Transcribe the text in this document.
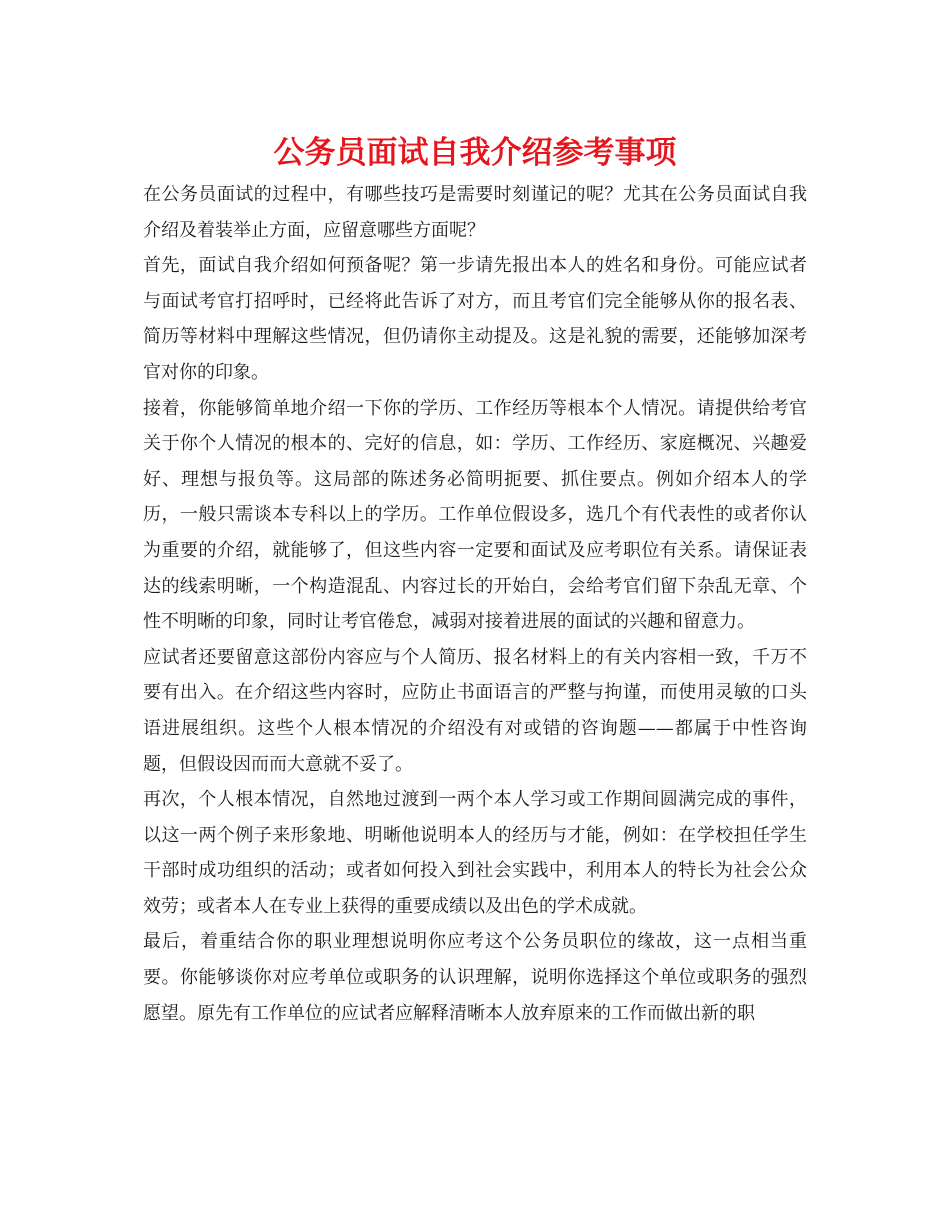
公务员面试自我介绍参考事项

在公务员面试的过程中，有哪些技巧是需要时刻谨记的呢？尤其在公务员面试自我介绍及着装举止方面，应留意哪些方面呢？

首先，面试自我介绍如何预备呢？第一步请先报出本人的姓名和身份。可能应试者与面试考官打招呼时，已经将此告诉了对方，而且考官们完全能够从你的报名表、简历等材料中理解这些情况，但仍请你主动提及。这是礼貌的需要，还能够加深考官对你的印象。

接着，你能够简单地介绍一下你的学历、工作经历等根本个人情况。请提供给考官关于你个人情况的根本的、完好的信息，如：学历、工作经历、家庭概况、兴趣爱好、理想与报负等。这局部的陈述务必简明扼要、抓住要点。例如介绍本人的学历，一般只需谈本专科以上的学历。工作单位假设多，选几个有代表性的或者你认为重要的介绍，就能够了，但这些内容一定要和面试及应考职位有关系。请保证表达的线索明晰，一个构造混乱、内容过长的开始白，会给考官们留下杂乱无章、个性不明晰的印象，同时让考官倦怠，减弱对接着进展的面试的兴趣和留意力。

应试者还要留意这部份内容应与个人简历、报名材料上的有关内容相一致，千万不要有出入。在介绍这些内容时，应防止书面语言的严整与拘谨，而使用灵敏的口头语进展组织。这些个人根本情况的介绍没有对或错的咨询题——都属于中性咨询题，但假设因而而大意就不妥了。

再次，个人根本情况，自然地过渡到一两个本人学习或工作期间圆满完成的事件，以这一两个例子来形象地、明晰他说明本人的经历与才能，例如：在学校担任学生干部时成功组织的活动；或者如何投入到社会实践中，利用本人的特长为社会公众效劳；或者本人在专业上获得的重要成绩以及出色的学术成就。

最后，着重结合你的职业理想说明你应考这个公务员职位的缘故，这一点相当重要。你能够谈你对应考单位或职务的认识理解，说明你选择这个单位或职务的强烈愿望。原先有工作单位的应试者应解释清晰本人放弃原来的工作而做出新的职
